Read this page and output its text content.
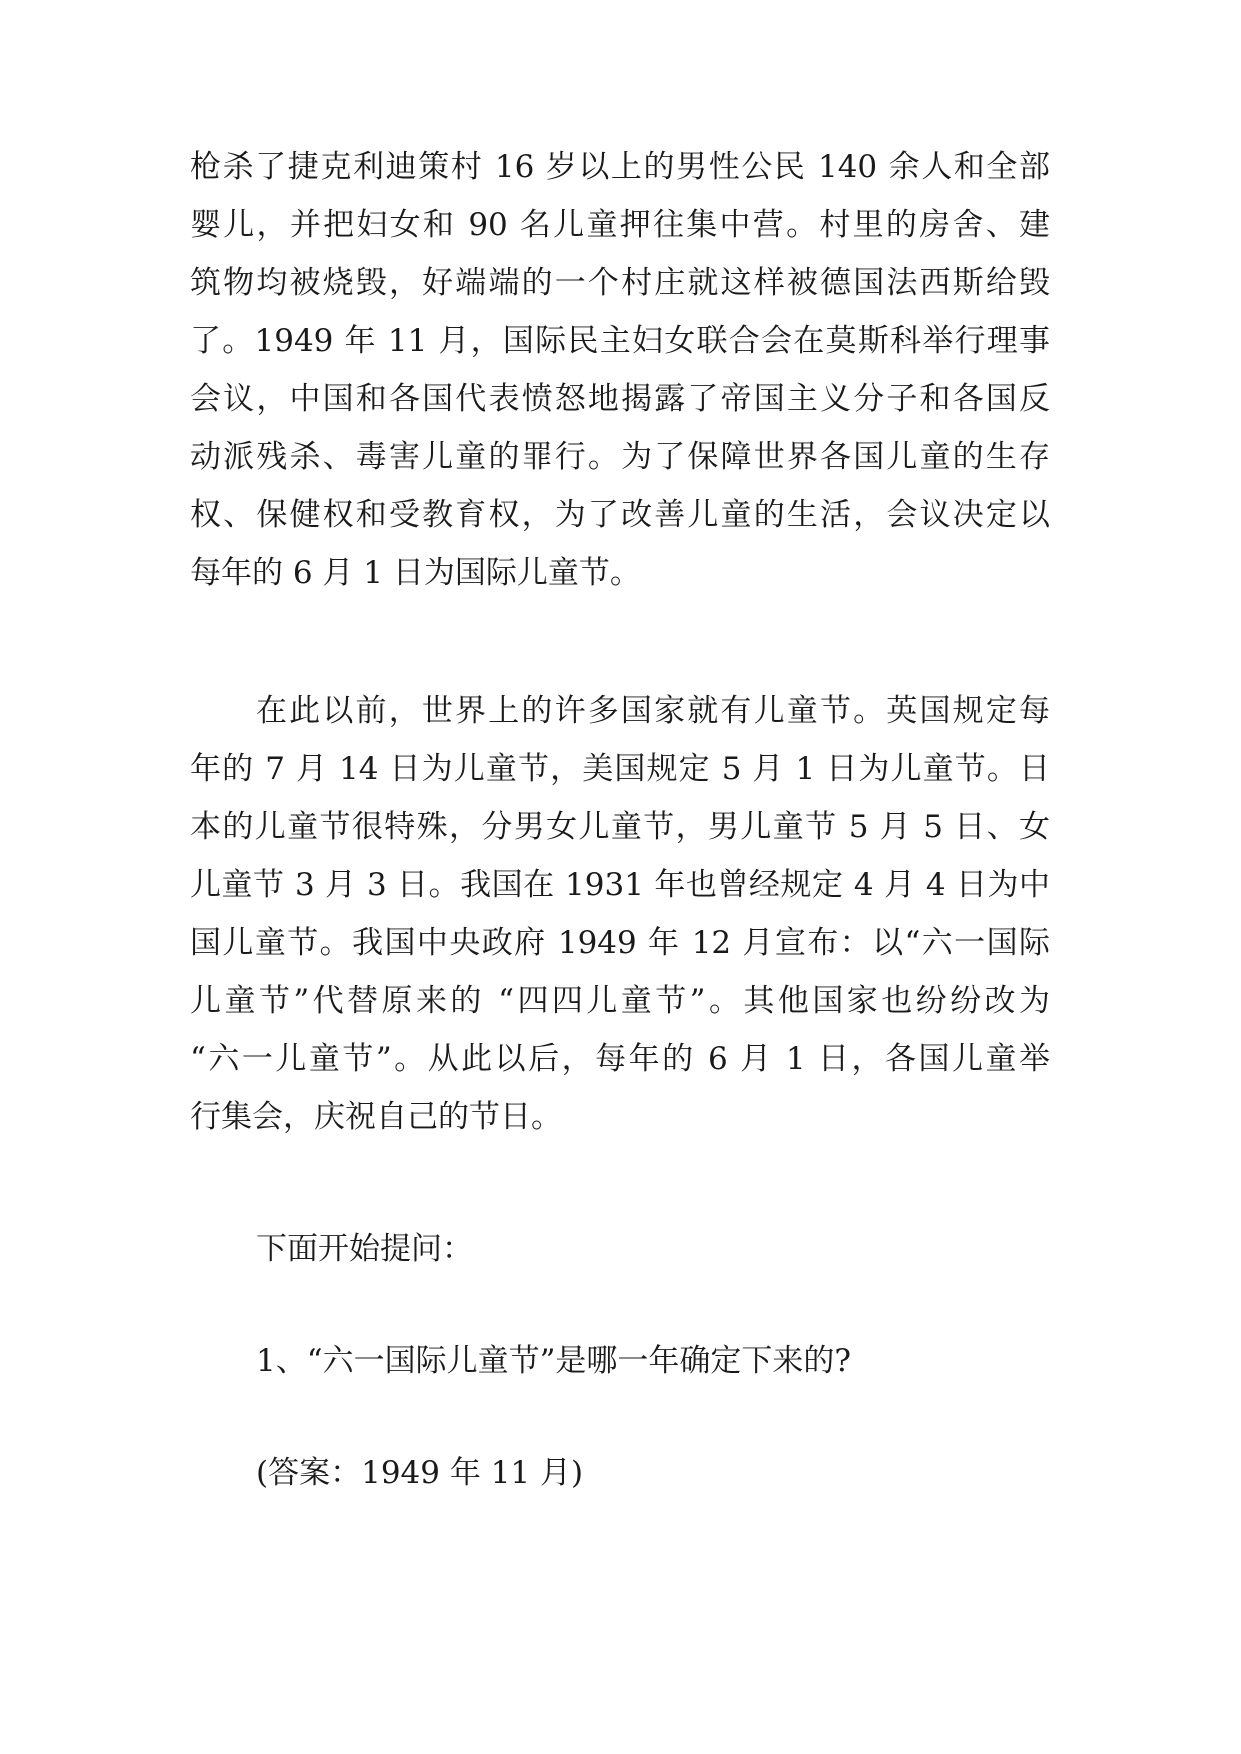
枪杀了捷克利迪策村 16 岁以上的男性公民 140 余人和全部
婴儿，并把妇女和 90 名儿童押往集中营。村里的房舍、建
筑物均被烧毁，好端端的一个村庄就这样被德国法西斯给毁
了。1949 年 11 月，国际民主妇女联合会在莫斯科举行理事
会议，中国和各国代表愤怒地揭露了帝国主义分子和各国反
动派残杀、毒害儿童的罪行。为了保障世界各国儿童的生存
权、保健权和受教育权，为了改善儿童的生活，会议决定以
每年的 6 月 1 日为国际儿童节。
在此以前，世界上的许多国家就有儿童节。英国规定每
年的 7 月 14 日为儿童节，美国规定 5 月 1 日为儿童节。日
本的儿童节很特殊，分男女儿童节，男儿童节 5 月 5 日、女
儿童节 3 月 3 日。我国在 1931 年也曾经规定 4 月 4 日为中
国儿童节。我国中央政府 1949 年 12 月宣布：以“六一国际
儿童节”代替原来的 “四四儿童节”。其他国家也纷纷改为
“六一儿童节”。从此以后，每年的 6 月 1 日，各国儿童举
行集会，庆祝自己的节日。
下面开始提问：
1、“六一国际儿童节”是哪一年确定下来的?
(答案：1949 年 11 月)
